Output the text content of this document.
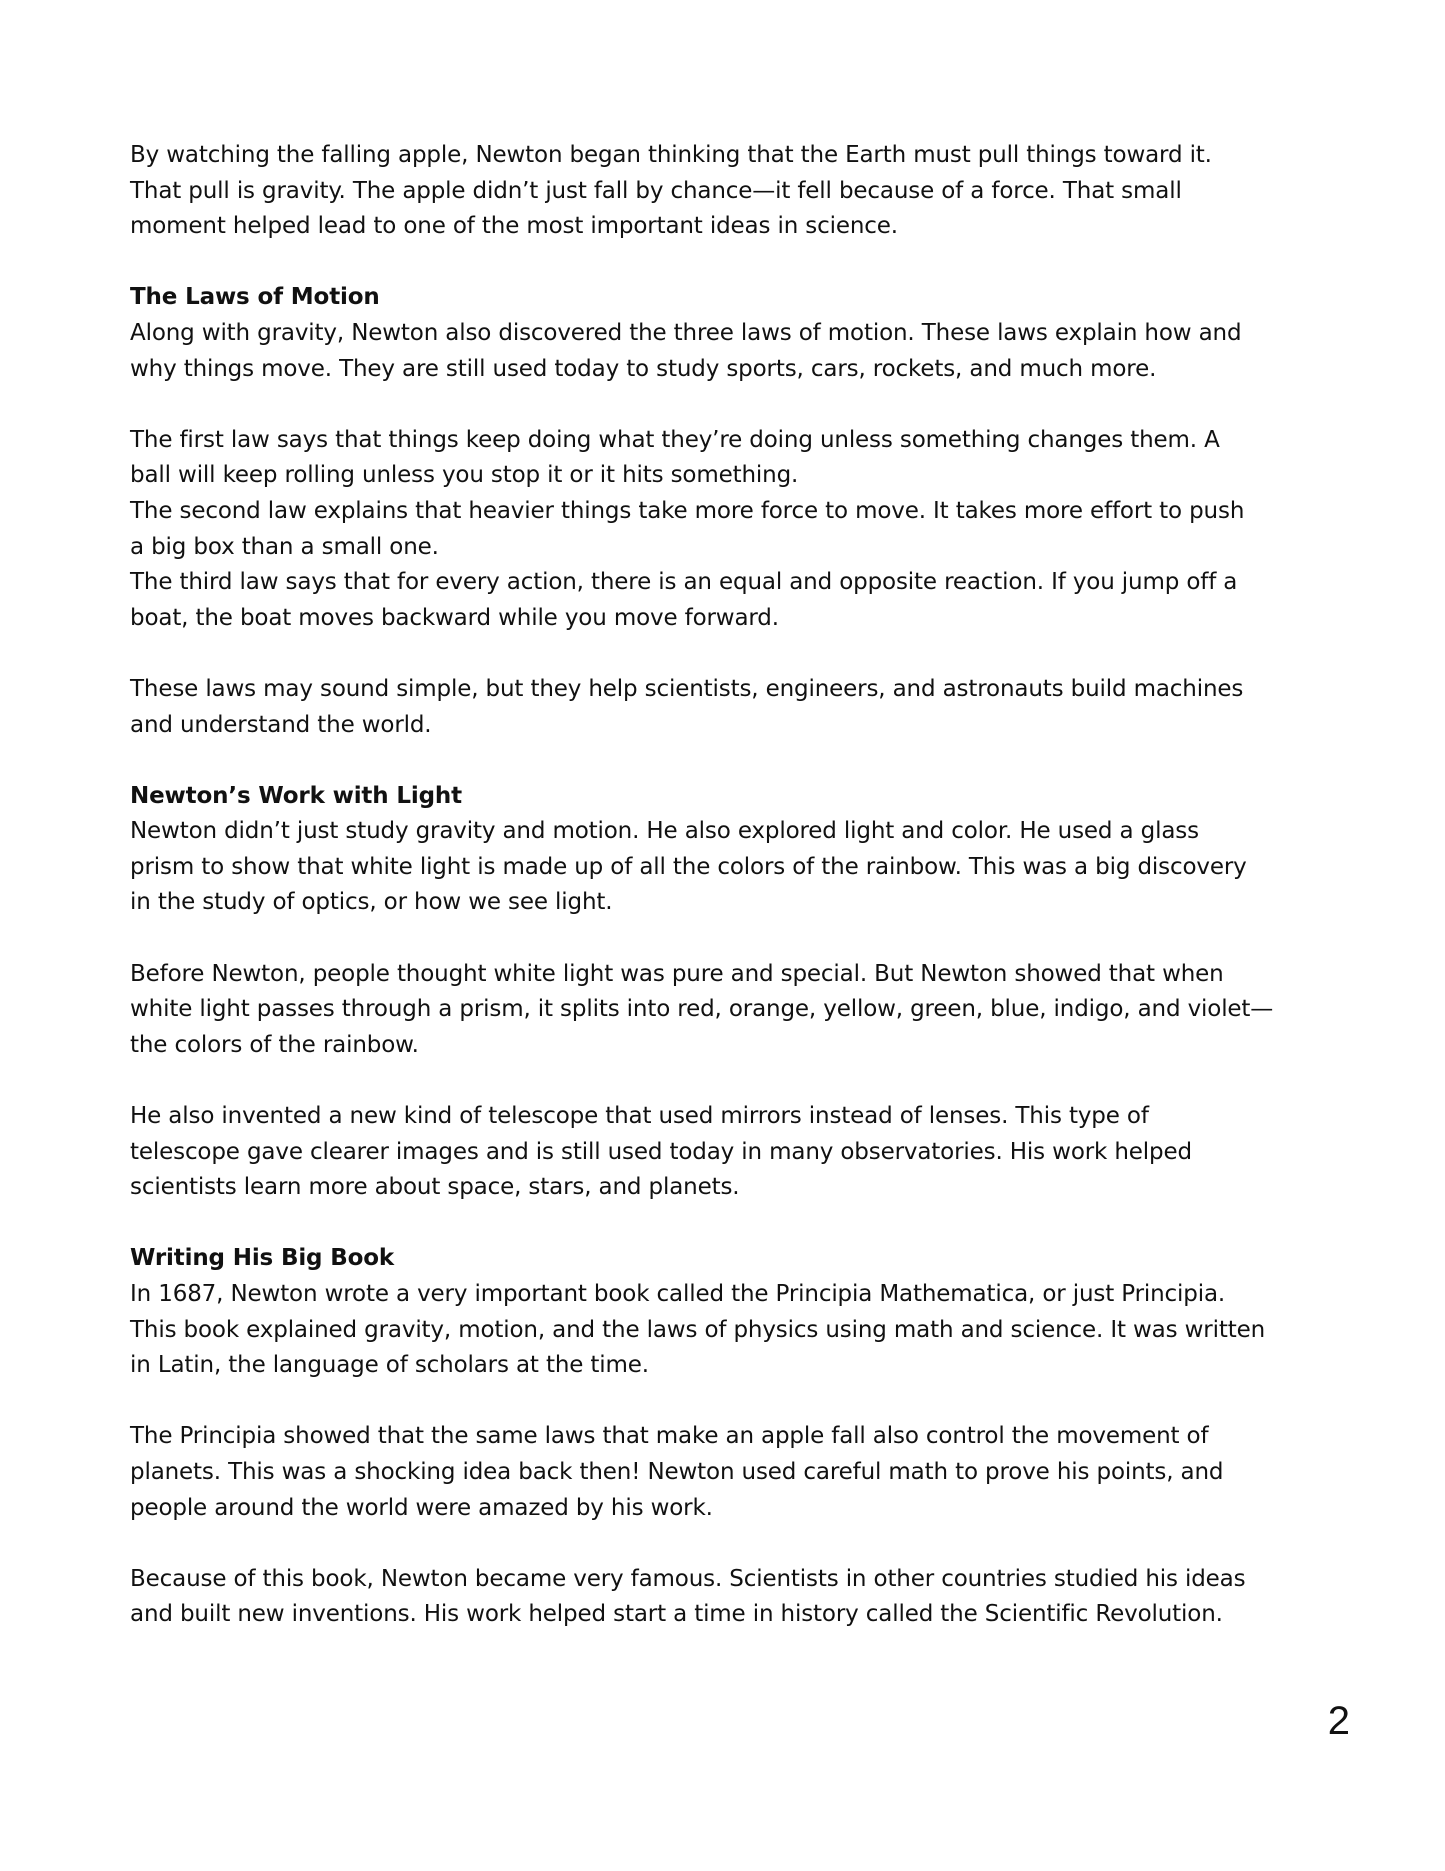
By watching the falling apple, Newton began thinking that the Earth must pull things toward it.
That pull is gravity. The apple didn’t just fall by chance—it fell because of a force. That small
moment helped lead to one of the most important ideas in science.

The Laws of Motion

Along with gravity, Newton also discovered the three laws of motion. These laws explain how and
why things move. They are still used today to study sports, cars, rockets, and much more.

The first law says that things keep doing what they’re doing unless something changes them. A
ball will keep rolling unless you stop it or it hits something.

The second law explains that heavier things take more force to move. It takes more effort to push
a big box than a small one.

The third law says that for every action, there is an equal and opposite reaction. If you jump off a
boat, the boat moves backward while you move forward.

These laws may sound simple, but they help scientists, engineers, and astronauts build machines
and understand the world.

Newton’s Work with Light

Newton didn’t just study gravity and motion. He also explored light and color. He used a glass
prism to show that white light is made up of all the colors of the rainbow. This was a big discovery
in the study of optics, or how we see light.

Before Newton, people thought white light was pure and special. But Newton showed that when
white light passes through a prism, it splits into red, orange, yellow, green, blue, indigo, and violet—
the colors of the rainbow.

He also invented a new kind of telescope that used mirrors instead of lenses. This type of
telescope gave clearer images and is still used today in many observatories. His work helped
scientists learn more about space, stars, and planets.

Writing His Big Book

In 1687, Newton wrote a very important book called the Principia Mathematica, or just Principia.
This book explained gravity, motion, and the laws of physics using math and science. It was written
in Latin, the language of scholars at the time.

The Principia showed that the same laws that make an apple fall also control the movement of
planets. This was a shocking idea back then! Newton used careful math to prove his points, and
people around the world were amazed by his work.

Because of this book, Newton became very famous. Scientists in other countries studied his ideas
and built new inventions. His work helped start a time in history called the Scientific Revolution.

2
